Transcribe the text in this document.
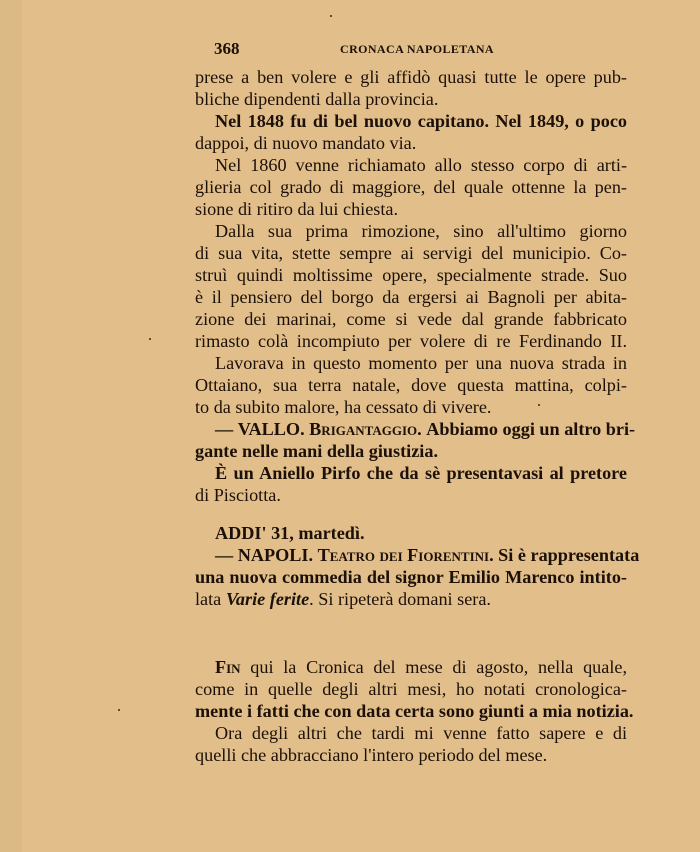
368	CRONACA NAPOLETANA
prese a ben volere e gli affidò quasi tutte le opere pub-
bliche dipendenti dalla provincia.
Nel 1848 fu di bel nuovo capitano. Nel 1849, o poco
dappoi, di nuovo mandato via.
Nel 1860 venne richiamato allo stesso corpo di arti-
glieria col grado di maggiore, del quale ottenne la pen-
sione di ritiro da lui chiesta.
Dalla sua prima rimozione, sino all'ultimo giorno
di sua vita, stette sempre ai servigi del municipio. Co-
struì quindi moltissime opere, specialmente strade. Suo
è il pensiero del borgo da ergersi ai Bagnoli per abita-
zione dei marinai, come si vede dal grande fabbricato
rimasto colà incompiuto per volere di re Ferdinando II.
Lavorava in questo momento per una nuova strada in
Ottaiano, sua terra natale, dove questa mattina, colpi-
to da subito malore, ha cessato di vivere.
— VALLO. Brigantaggio. Abbiamo oggi un altro bri-
gante nelle mani della giustizia.
È un Aniello Pirfo che da sè presentavasi al pretore
di Pisciotta.
ADDI' 31, martedì.
— NAPOLI. Teatro dei Fiorentini. Si è rappresentata
una nuova commedia del signor Emilio Marenco intito-
lata Varie ferite. Si ripeterà domani sera.
Fin qui la Cronica del mese di agosto, nella quale,
come in quelle degli altri mesi, ho notati cronologica-
mente i fatti che con data certa sono giunti a mia notizia.
Ora degli altri che tardi mi venne fatto sapere e di
quelli che abbracciano l'intero periodo del mese.
